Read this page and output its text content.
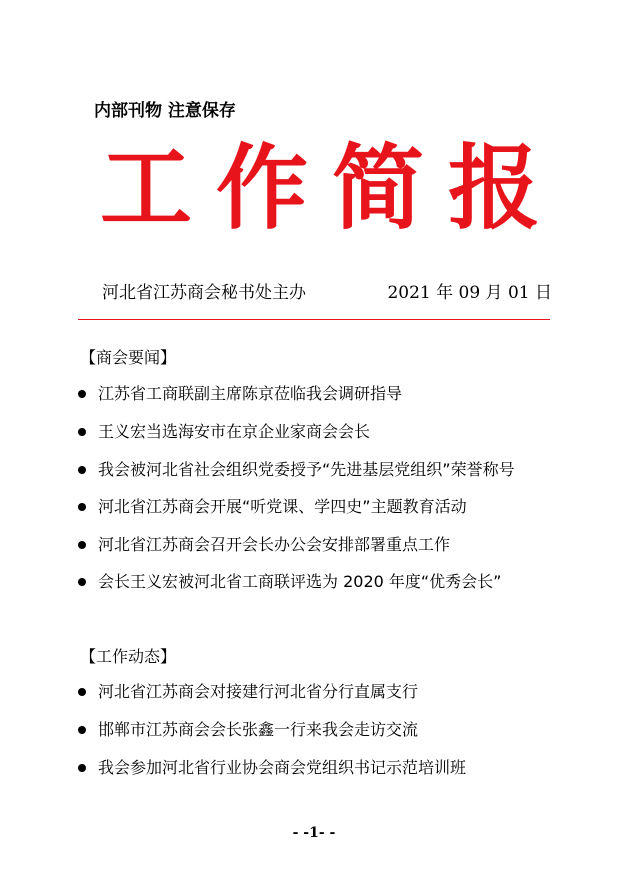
内部刊物 注意保存
工 作 简 报
河北省江苏商会秘书处主办	2021 年 09 月 01 日
【商会要闻】
江苏省工商联副主席陈京莅临我会调研指导
王义宏当选海安市在京企业家商会会长
我会被河北省社会组织党委授予“先进基层党组织”荣誉称号
河北省江苏商会开展“听党课、学四史”主题教育活动
河北省江苏商会召开会长办公会安排部署重点工作
会长王义宏被河北省工商联评选为 2020 年度“优秀会长”
【工作动态】
河北省江苏商会对接建行河北省分行直属支行
邯郸市江苏商会会长张鑫一行来我会走访交流
我会参加河北省行业协会商会党组织书记示范培训班
- -1- -
